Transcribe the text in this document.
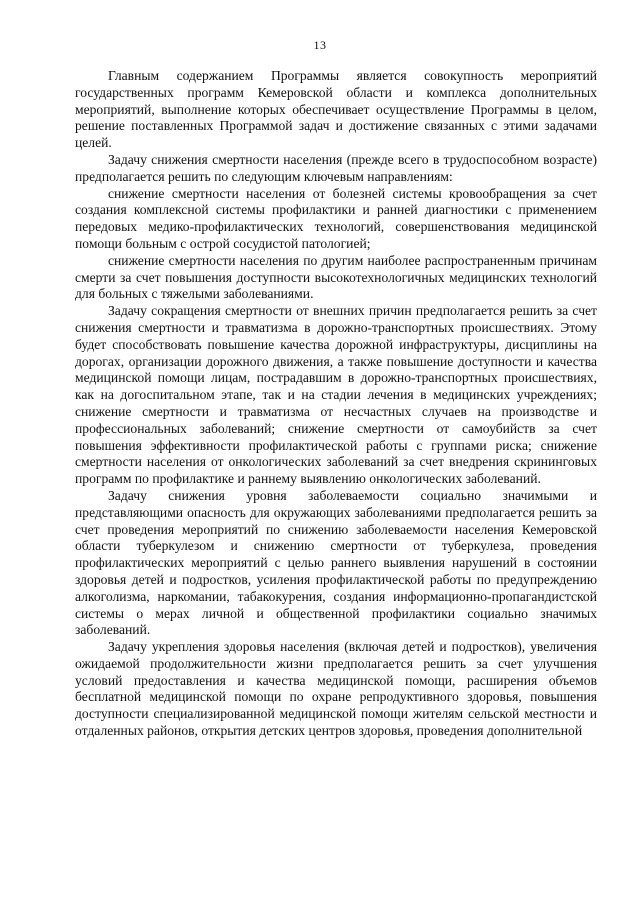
13

Главным содержанием Программы является совокупность мероприятий государственных программ Кемеровской области и комплекса дополнительных мероприятий, выполнение которых обеспечивает осуществление Программы в целом, решение поставленных Программой задач и достижение связанных с этими задачами целей.

Задачу снижения смертности населения (прежде всего в трудоспособном возрасте) предполагается решить по следующим ключевым направлениям:

снижение смертности населения от болезней системы кровообращения за счет создания комплексной системы профилактики и ранней диагностики с применением передовых медико-профилактических технологий, совершенствования медицинской помощи больным с острой сосудистой патологией;

снижение смертности населения по другим наиболее распространенным причинам смерти за счет повышения доступности высокотехнологичных медицинских технологий для больных с тяжелыми заболеваниями.

Задачу сокращения смертности от внешних причин предполагается решить за счет снижения смертности и травматизма в дорожно-транспортных происшествиях. Этому будет способствовать повышение качества дорожной инфраструктуры, дисциплины на дорогах, организации дорожного движения, а также повышение доступности и качества медицинской помощи лицам, пострадавшим в дорожно-транспортных происшествиях, как на догоспитальном этапе, так и на стадии лечения в медицинских учреждениях; снижение смертности и травматизма от несчастных случаев на производстве и профессиональных заболеваний; снижение смертности от самоубийств за счет повышения эффективности профилактической работы с группами риска; снижение смертности населения от онкологических заболеваний за счет внедрения скрининговых программ по профилактике и раннему выявлению онкологических заболеваний.

Задачу снижения уровня заболеваемости социально значимыми и представляющими опасность для окружающих заболеваниями предполагается решить за счет проведения мероприятий по снижению заболеваемости населения Кемеровской области туберкулезом и снижению смертности от туберкулеза, проведения профилактических мероприятий с целью раннего выявления нарушений в состоянии здоровья детей и подростков, усиления профилактической работы по предупреждению алкоголизма, наркомании, табакокурения, создания информационно-пропагандистской системы о мерах личной и общественной профилактики социально значимых заболеваний.

Задачу укрепления здоровья населения (включая детей и подростков), увеличения ожидаемой продолжительности жизни предполагается решить за счет улучшения условий предоставления и качества медицинской помощи, расширения объемов бесплатной медицинской помощи по охране репродуктивного здоровья, повышения доступности специализированной медицинской помощи жителям сельской местности и отдаленных районов, открытия детских центров здоровья, проведения дополнительной
